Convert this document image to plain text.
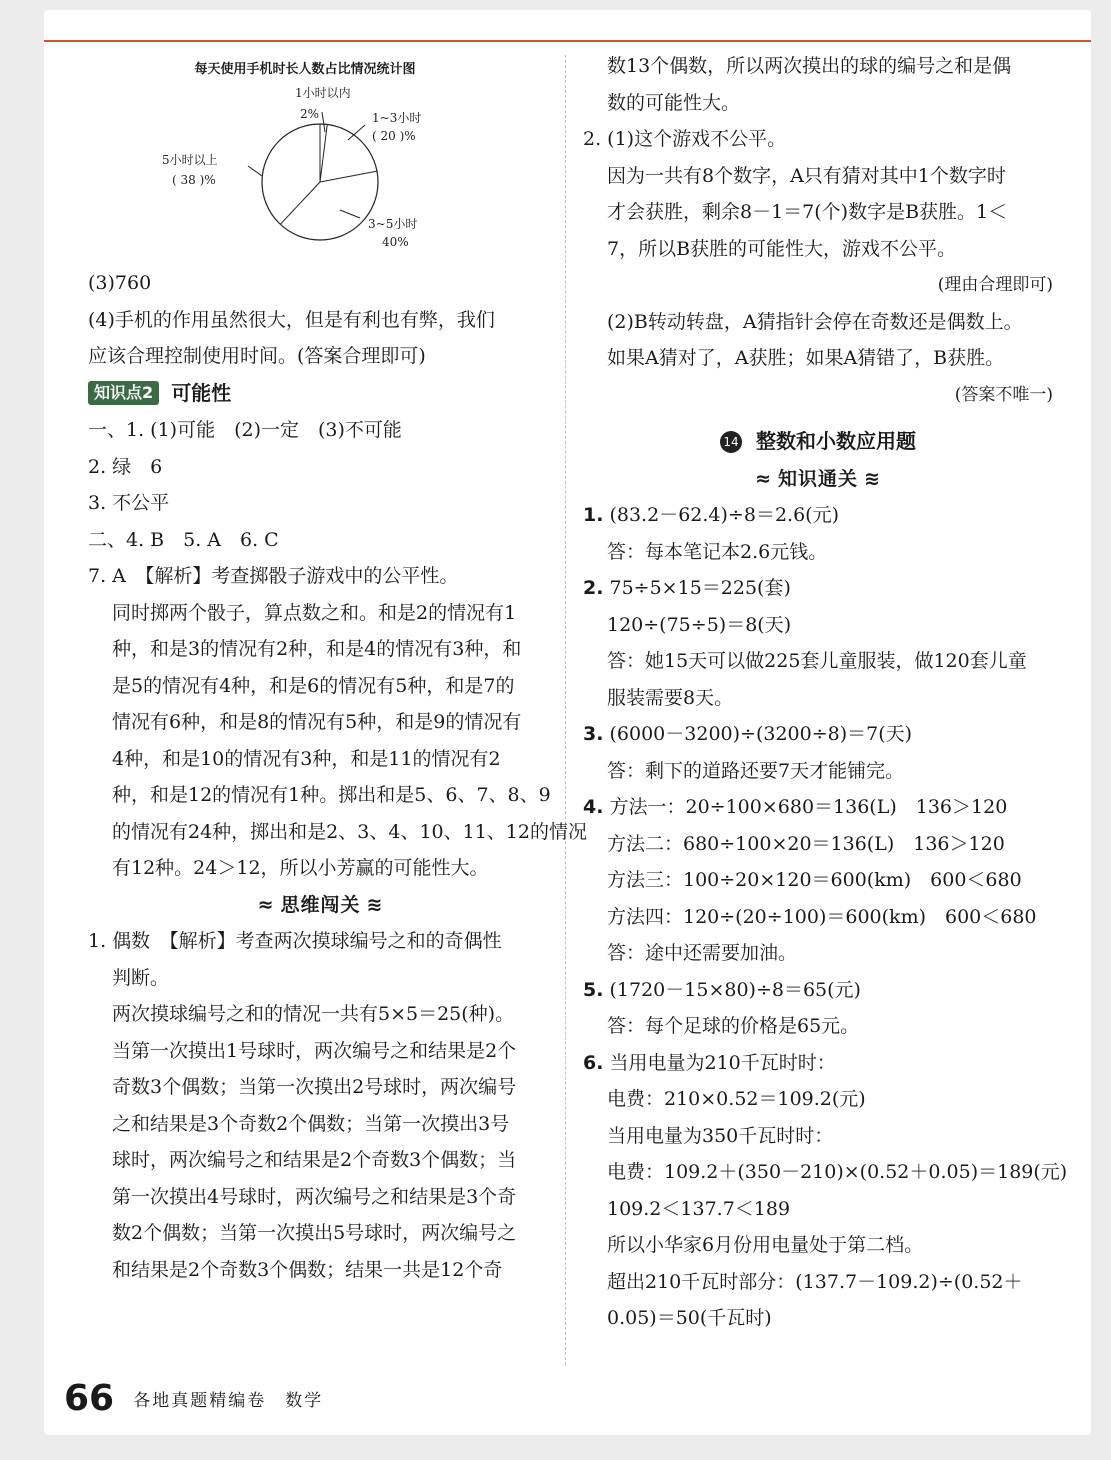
每天使用手机时长人数占比情况统计图
1小时以内
2%	1~3小时
( 20 )%
3~5小时
40%
5小时以上
( 38 )%
(3)760
(4)手机的作用虽然很大，但是有利也有弊，我们
应该合理控制使用时间。(答案合理即可)
知识点2 可能性
一、1. (1)可能　(2)一定　(3)不可能
2. 绿　6
3. 不公平
二、4. B　5. A　6. C
7. A　【解析】考查掷骰子游戏中的公平性。
同时掷两个骰子，算点数之和。和是2的情况有1
种，和是3的情况有2种，和是4的情况有3种，和
是5的情况有4种，和是6的情况有5种，和是7的
情况有6种，和是8的情况有5种，和是9的情况有
4种，和是10的情况有3种，和是11的情况有2
种，和是12的情况有1种。掷出和是5、6、7、8、9
的情况有24种，掷出和是2、3、4、10、11、12的情况
有12种。24＞12，所以小芳赢的可能性大。
≈ 思维闯关 ≋
1. 偶数　【解析】考查两次摸球编号之和的奇偶性
判断。
两次摸球编号之和的情况一共有5×5＝25(种)。
当第一次摸出1号球时，两次编号之和结果是2个
奇数3个偶数；当第一次摸出2号球时，两次编号
之和结果是3个奇数2个偶数；当第一次摸出3号
球时，两次编号之和结果是2个奇数3个偶数；当
第一次摸出4号球时，两次编号之和结果是3个奇
数2个偶数；当第一次摸出5号球时，两次编号之
和结果是2个奇数3个偶数；结果一共是12个奇
数13个偶数，所以两次摸出的球的编号之和是偶
数的可能性大。
2. (1)这个游戏不公平。
因为一共有8个数字，A只有猜对其中1个数字时
才会获胜，剩余8－1＝7(个)数字是B获胜。1＜
7，所以B获胜的可能性大，游戏不公平。
(理由合理即可)
(2)B转动转盘，A猜指针会停在奇数还是偶数上。
如果A猜对了，A获胜；如果A猜错了，B获胜。
(答案不唯一)
14 整数和小数应用题
≈ 知识通关 ≋
1. (83.2－62.4)÷8＝2.6(元)
答：每本笔记本2.6元钱。
2. 75÷5×15＝225(套)
120÷(75÷5)＝8(天)
答：她15天可以做225套儿童服装，做120套儿童
服装需要8天。
3. (6000－3200)÷(3200÷8)＝7(天)
答：剩下的道路还要7天才能铺完。
4. 方法一：20÷100×680＝136(L)　136＞120
方法二：680÷100×20＝136(L)　136＞120
方法三：100÷20×120＝600(km)　600＜680
方法四：120÷(20÷100)＝600(km)　600＜680
答：途中还需要加油。
5. (1720－15×80)÷8＝65(元)
答：每个足球的价格是65元。
6. 当用电量为210千瓦时时：
电费：210×0.52＝109.2(元)
当用电量为350千瓦时时：
电费：109.2＋(350－210)×(0.52＋0.05)＝189(元)
109.2＜137.7＜189
所以小华家6月份用电量处于第二档。
超出210千瓦时部分：(137.7－109.2)÷(0.52＋
0.05)＝50(千瓦时)
66 各地真题精编卷　数学
